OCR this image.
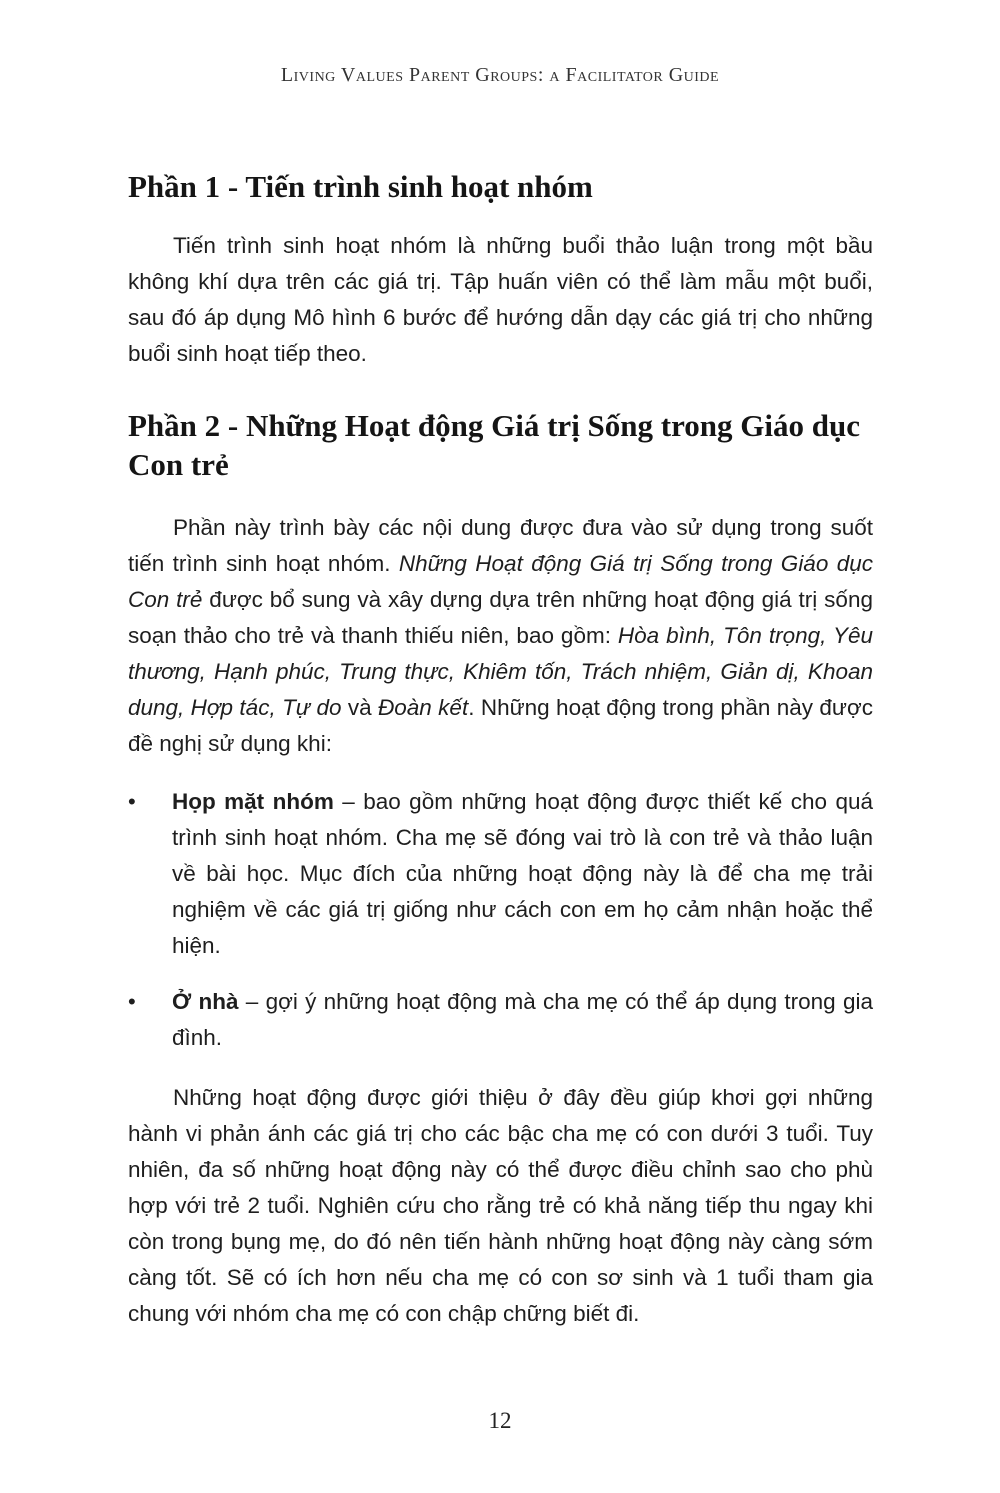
Living Values Parent Groups: a Facilitator Guide
Phần 1 - Tiến trình sinh hoạt nhóm

Tiến trình sinh hoạt nhóm là những buổi thảo luận trong một bầu không khí dựa trên các giá trị. Tập huấn viên có thể làm mẫu một buổi, sau đó áp dụng Mô hình 6 bước để hướng dẫn dạy các giá trị cho những buổi sinh hoạt tiếp theo.

Phần 2 - Những Hoạt động Giá trị Sống trong Giáo dục Con trẻ

Phần này trình bày các nội dung được đưa vào sử dụng trong suốt tiến trình sinh hoạt nhóm. Những Hoạt động Giá trị Sống trong Giáo dục Con trẻ được bổ sung và xây dựng dựa trên những hoạt động giá trị sống soạn thảo cho trẻ và thanh thiếu niên, bao gồm: Hòa bình, Tôn trọng, Yêu thương, Hạnh phúc, Trung thực, Khiêm tốn, Trách nhiệm, Giản dị, Khoan dung, Hợp tác, Tự do và Đoàn kết. Những hoạt động trong phần này được đề nghị sử dụng khi:

• Họp mặt nhóm – bao gồm những hoạt động được thiết kế cho quá trình sinh hoạt nhóm. Cha mẹ sẽ đóng vai trò là con trẻ và thảo luận về bài học. Mục đích của những hoạt động này là để cha mẹ trải nghiệm về các giá trị giống như cách con em họ cảm nhận hoặc thể hiện.
• Ở nhà – gợi ý những hoạt động mà cha mẹ có thể áp dụng trong gia đình.

Những hoạt động được giới thiệu ở đây đều giúp khơi gợi những hành vi phản ánh các giá trị cho các bậc cha mẹ có con dưới 3 tuổi. Tuy nhiên, đa số những hoạt động này có thể được điều chỉnh sao cho phù hợp với trẻ 2 tuổi. Nghiên cứu cho rằng trẻ có khả năng tiếp thu ngay khi còn trong bụng mẹ, do đó nên tiến hành những hoạt động này càng sớm càng tốt. Sẽ có ích hơn nếu cha mẹ có con sơ sinh và 1 tuổi tham gia chung với nhóm cha mẹ có con chập chững biết đi.

12
